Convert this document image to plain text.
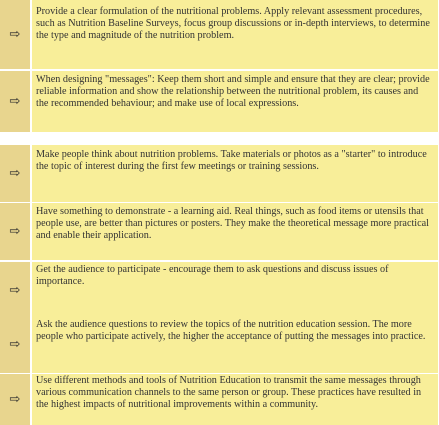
⇨
Provide a clear formulation of the nutritional problems. Apply relevant assessment procedures, such as Nutrition Baseline Surveys, focus group discussions or in-depth interviews, to determine the type and magnitude of the nutrition problem.
⇨
When designing "messages": Keep them short and simple and ensure that they are clear; provide reliable information and show the relationship between the nutritional problem, its causes and the recommended behaviour; and make use of local expressions.
⇨
Make people think about nutrition problems. Take materials or photos as a "starter" to introduce the topic of interest during the first few meetings or training sessions.
⇨
Have something to demonstrate - a learning aid. Real things, such as food items or utensils that people use, are better than pictures or posters. They make the theoretical message more practical and enable their application.
⇨
Get the audience to participate - encourage them to ask questions and discuss issues of importance.
⇨
Ask the audience questions to review the topics of the nutrition education session. The more people who participate actively, the higher the acceptance of putting the messages into practice.
⇨
Use different methods and tools of Nutrition Education to transmit the same messages through various communication channels to the same person or group. These practices have resulted in the highest impacts of nutritional improvements within a community.
